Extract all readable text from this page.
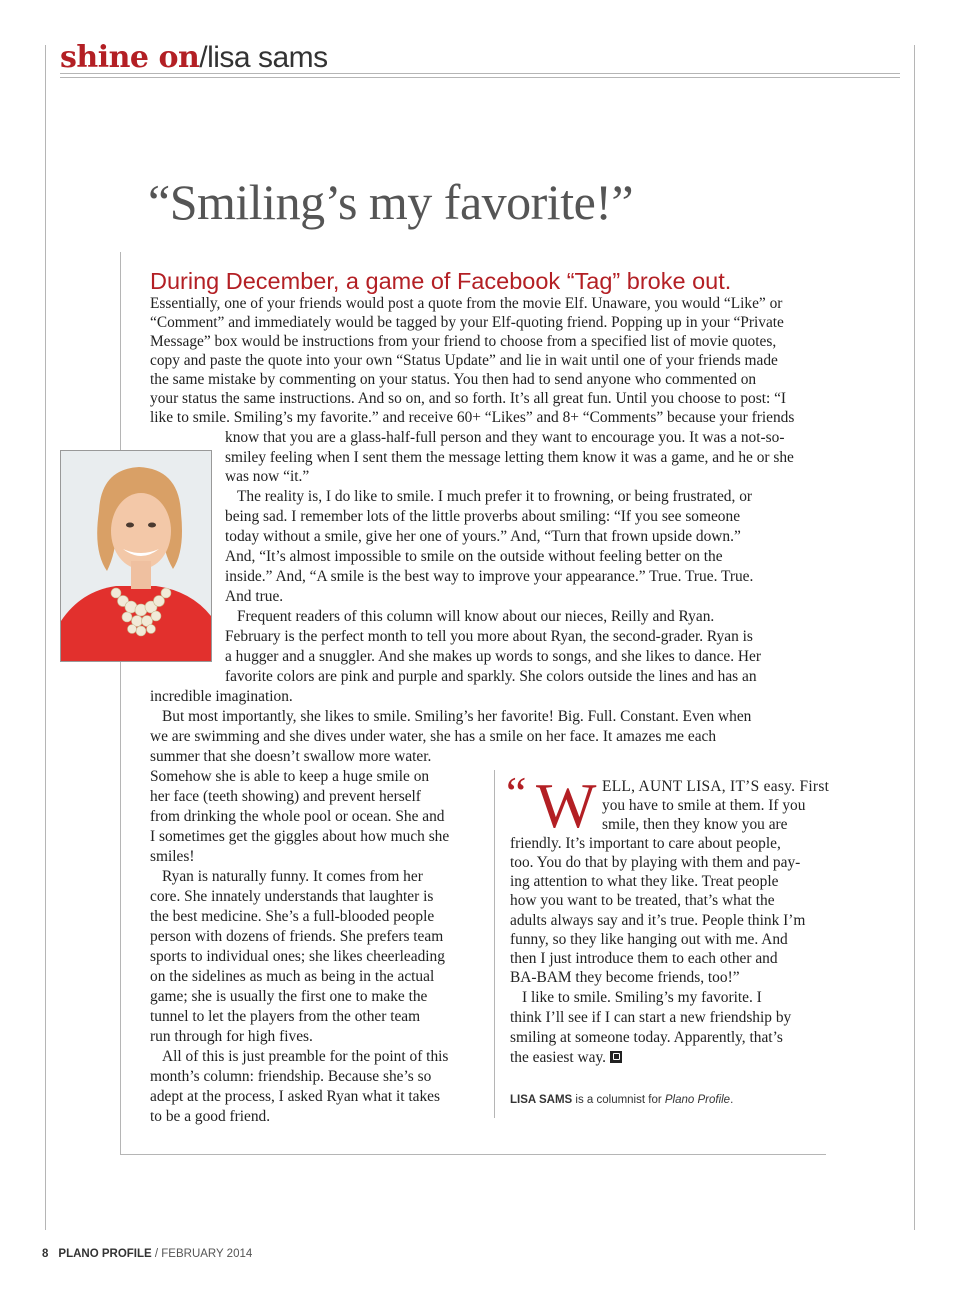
shine on/lisa sams
“Smiling’s my favorite!”
During December, a game of Facebook “Tag” broke out.
Essentially, one of your friends would post a quote from the movie Elf. Unaware, you would “Like” or
“Comment” and immediately would be tagged by your Elf-quoting friend. Popping up in your “Private
Message” box would be instructions from your friend to choose from a specified list of movie quotes,
copy and paste the quote into your own “Status Update” and lie in wait until one of your friends made
the same mistake by commenting on your status. You then had to send anyone who commented on
your status the same instructions. And so on, and so forth. It’s all great fun. Until you choose to post: “I
like to smile. Smiling’s my favorite.” and receive 60+ “Likes” and 8+ “Comments” because your friends
know that you are a glass-half-full person and they want to encourage you. It was a not-so-
smiley feeling when I sent them the message letting them know it was a game, and he or she
was now “it.”
The reality is, I do like to smile. I much prefer it to frowning, or being frustrated, or
being sad. I remember lots of the little proverbs about smiling: “If you see someone
today without a smile, give her one of yours.” And, “Turn that frown upside down.”
And, “It’s almost impossible to smile on the outside without feeling better on the
inside.” And, “A smile is the best way to improve your appearance.” True. True. True.
And true.
Frequent readers of this column will know about our nieces, Reilly and Ryan.
February is the perfect month to tell you more about Ryan, the second-grader. Ryan is
a hugger and a snuggler. And she makes up words to songs, and she likes to dance. Her
favorite colors are pink and purple and sparkly. She colors outside the lines and has an
incredible imagination.
But most importantly, she likes to smile. Smiling’s her favorite! Big. Full. Constant. Even when
we are swimming and she dives under water, she has a smile on her face. It amazes me each
summer that she doesn’t swallow more water.
Somehow she is able to keep a huge smile on
her face (teeth showing) and prevent herself
from drinking the whole pool or ocean. She and
I sometimes get the giggles about how much she
smiles!
Ryan is naturally funny. It comes from her
core. She innately understands that laughter is
the best medicine. She’s a full-blooded people
person with dozens of friends. She prefers team
sports to individual ones; she likes cheerleading
on the sidelines as much as being in the actual
game; she is usually the first one to make the
tunnel to let the players from the other team
run through for high fives.
All of this is just preamble for the point of this
month’s column: friendship. Because she’s so
adept at the process, I asked Ryan what it takes
to be a good friend.
“ W ELL, AUNT LISA, IT’S easy. First
you have to smile at them. If you
smile, then they know you are
friendly. It’s important to care about people,
too. You do that by playing with them and pay-
ing attention to what they like. Treat people
how you want to be treated, that’s what the
adults always say and it’s true. People think I’m
funny, so they like hanging out with me. And
then I just introduce them to each other and
BA-BAM they become friends, too!”
I like to smile. Smiling’s my favorite. I
think I’ll see if I can start a new friendship by
smiling at someone today. Apparently, that’s
the easiest way.
LISA SAMS is a columnist for Plano Profile.
8 PLANO PROFILE / FEBRUARY 2014
